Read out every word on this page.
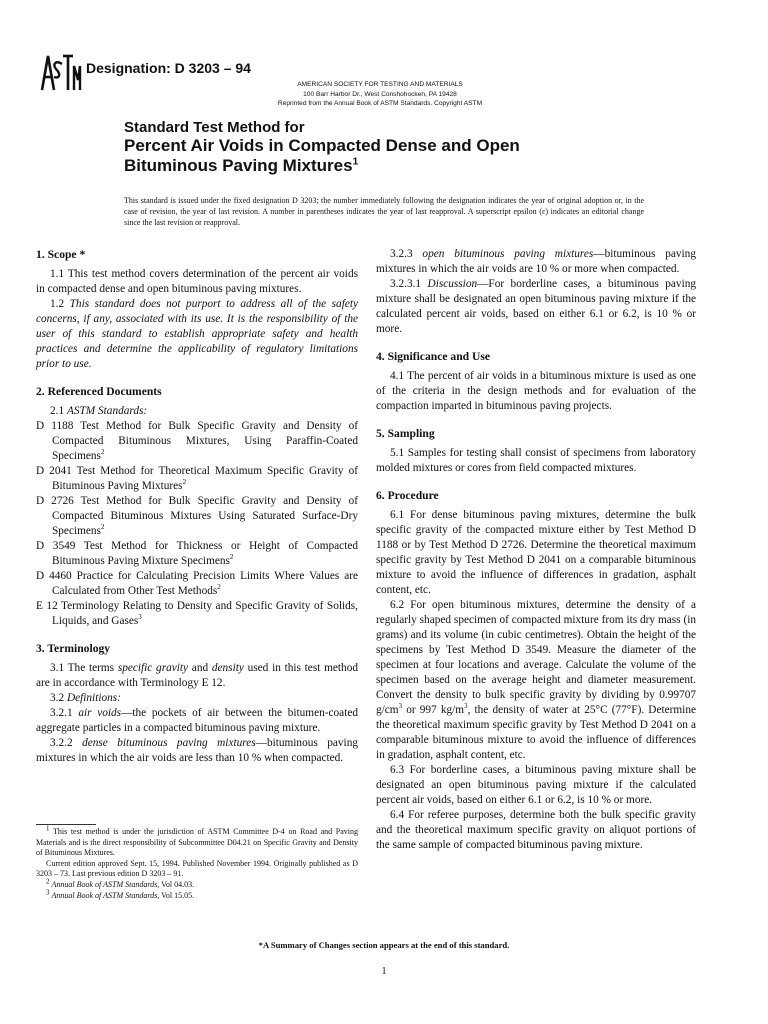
Designation: D 3203 – 94
AMERICAN SOCIETY FOR TESTING AND MATERIALS
100 Barr Harbor Dr., West Conshohocken, PA 19428
Reprinted from the Annual Book of ASTM Standards. Copyright ASTM
Standard Test Method for
Percent Air Voids in Compacted Dense and Open
Bituminous Paving Mixtures$^1$
This standard is issued under the fixed designation D 3203; the number immediately following the designation indicates the year of original adoption or, in the case of revision, the year of last revision. A number in parentheses indicates the year of last reapproval. A superscript epsilon (ε) indicates an editorial change since the last revision or reapproval.
1. Scope *

1.1 This test method covers determination of the percent air voids in compacted dense and open bituminous paving mixtures.

1.2 This standard does not purport to address all of the safety concerns, if any, associated with its use. It is the responsibility of the user of this standard to establish appropriate safety and health practices and determine the applicability of regulatory limitations prior to use.

2. Referenced Documents

2.1 ASTM Standards:

D 1188 Test Method for Bulk Specific Gravity and Density of Compacted Bituminous Mixtures, Using Paraffin-Coated Specimens$^2$
D 2041 Test Method for Theoretical Maximum Specific Gravity of Bituminous Paving Mixtures$^2$
D 2726 Test Method for Bulk Specific Gravity and Density of Compacted Bituminous Mixtures Using Saturated Surface-Dry Specimens$^2$
D 3549 Test Method for Thickness or Height of Compacted Bituminous Paving Mixture Specimens$^2$
D 4460 Practice for Calculating Precision Limits Where Values are Calculated from Other Test Methods$^2$
E 12 Terminology Relating to Density and Specific Gravity of Solids, Liquids, and Gases$^3$
3. Terminology

3.1 The terms specific gravity and density used in this test method are in accordance with Terminology E 12.

3.2 Definitions:

3.2.1 air voids—the pockets of air between the bitumen-coated aggregate particles in a compacted bituminous paving mixture.

3.2.2 dense bituminous paving mixtures—bituminous paving mixtures in which the air voids are less than 10 % when compacted.

$^1$ This test method is under the jurisdiction of ASTM Committee D-4 on Road and Paving Materials and is the direct responsibility of Subcommittee D04.21 on Specific Gravity and Density of Bituminous Mixtures.

Current edition approved Sept. 15, 1994. Published November 1994. Originally published as D 3203 – 73. Last previous edition D 3203 – 91.

$^2$ Annual Book of ASTM Standards, Vol 04.03.

$^3$ Annual Book of ASTM Standards, Vol 15.05.

3.2.3 open bituminous paving mixtures—bituminous paving mixtures in which the air voids are 10 % or more when compacted.

3.2.3.1 Discussion—For borderline cases, a bituminous paving mixture shall be designated an open bituminous paving mixture if the calculated percent air voids, based on either 6.1 or 6.2, is 10 % or more.

4. Significance and Use

4.1 The percent of air voids in a bituminous mixture is used as one of the criteria in the design methods and for evaluation of the compaction imparted in bituminous paving projects.

5. Sampling

5.1 Samples for testing shall consist of specimens from laboratory molded mixtures or cores from field compacted mixtures.

6. Procedure

6.1 For dense bituminous paving mixtures, determine the bulk specific gravity of the compacted mixture either by Test Method D 1188 or by Test Method D 2726. Determine the theoretical maximum specific gravity by Test Method D 2041 on a comparable bituminous mixture to avoid the influence of differences in gradation, asphalt content, etc.

6.2 For open bituminous mixtures, determine the density of a regularly shaped specimen of compacted mixture from its dry mass (in grams) and its volume (in cubic centimetres). Obtain the height of the specimens by Test Method D 3549. Measure the diameter of the specimen at four locations and average. Calculate the volume of the specimen based on the average height and diameter measurement. Convert the density to bulk specific gravity by dividing by 0.99707 $g/cm^3$ or 997 $kg/m^3$, the density of water at 25°C (77°F). Determine the theoretical maximum specific gravity by Test Method D 2041 on a comparable bituminous mixture to avoid the influence of differences in gradation, asphalt content, etc.

6.3 For borderline cases, a bituminous paving mixture shall be designated an open bituminous paving mixture if the calculated percent air voids, based on either 6.1 or 6.2, is 10 % or more.

6.4 For referee purposes, determine both the bulk specific gravity and the theoretical maximum specific gravity on aliquot portions of the same sample of compacted bituminous paving mixture.

*A Summary of Changes section appears at the end of this standard.
1
